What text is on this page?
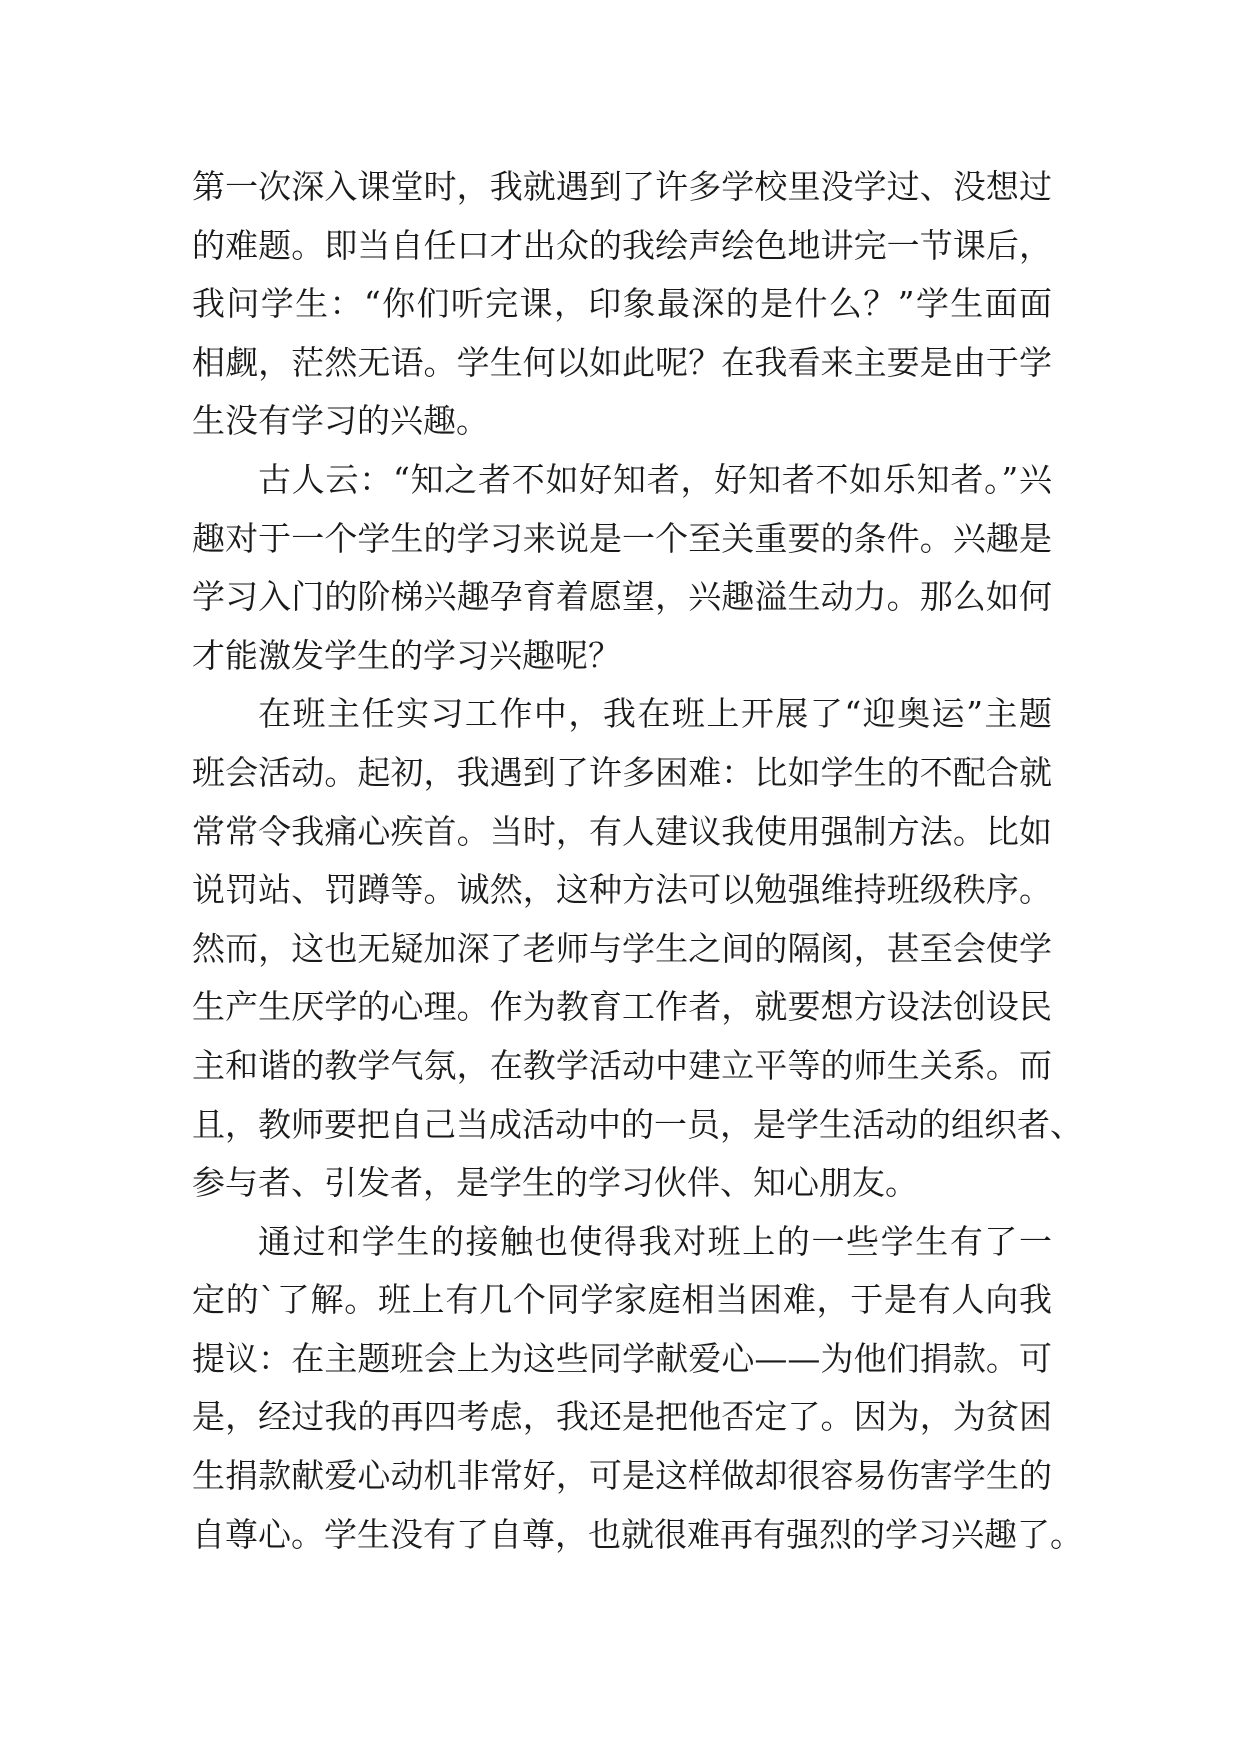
第一次深入课堂时，我就遇到了许多学校里没学过、没想过
的难题。即当自任口才出众的我绘声绘色地讲完一节课后，
我问学生：“你们听完课，印象最深的是什么？”学生面面
相觑，茫然无语。学生何以如此呢？在我看来主要是由于学
生没有学习的兴趣。
古人云：“知之者不如好知者，好知者不如乐知者。”兴
趣对于一个学生的学习来说是一个至关重要的条件。兴趣是
学习入门的阶梯兴趣孕育着愿望，兴趣溢生动力。那么如何
才能激发学生的学习兴趣呢？
在班主任实习工作中，我在班上开展了“迎奥运”主题
班会活动。起初，我遇到了许多困难：比如学生的不配合就
常常令我痛心疾首。当时，有人建议我使用强制方法。比如
说罚站、罚蹲等。诚然，这种方法可以勉强维持班级秩序。
然而，这也无疑加深了老师与学生之间的隔阂，甚至会使学
生产生厌学的心理。作为教育工作者，就要想方设法创设民
主和谐的教学气氛，在教学活动中建立平等的师生关系。而
且，教师要把自己当成活动中的一员，是学生活动的组织者、
参与者、引发者，是学生的学习伙伴、知心朋友。
通过和学生的接触也使得我对班上的一些学生有了一
定的`了解。班上有几个同学家庭相当困难，于是有人向我
提议：在主题班会上为这些同学献爱心——为他们捐款。可
是，经过我的再四考虑，我还是把他否定了。因为，为贫困
生捐款献爱心动机非常好，可是这样做却很容易伤害学生的
自尊心。学生没有了自尊，也就很难再有强烈的学习兴趣了。
